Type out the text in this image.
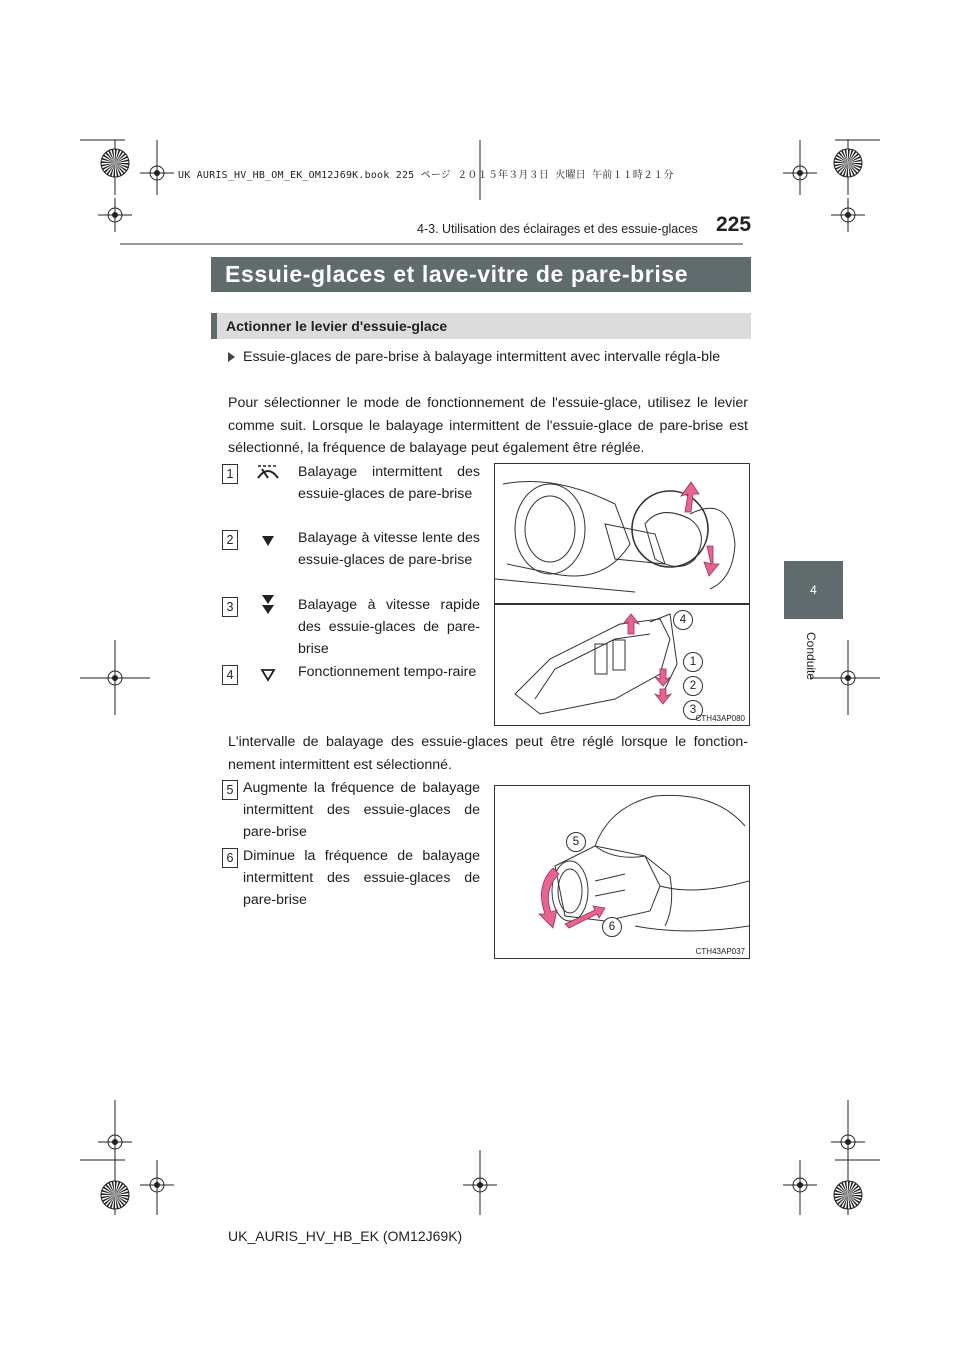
UK AURIS_HV_HB_OM_EK_OM12J69K.book 225 ページ ２０１５年３月３日 火曜日 午前１１時２１分
4-3. Utilisation des éclairages et des essuie-glaces 225
4
Conduite
Essuie-glaces et lave-vitre de pare-brise
Actionner le levier d'essuie-glace
Essuie-glaces de pare-brise à balayage intermittent avec intervalle régla-ble
Pour sélectionner le mode de fonctionnement de l'essuie-glace, utilisez le levier comme suit. Lorsque le balayage intermittent de l'essuie-glace de pare-brise est sélectionné, la fréquence de balayage peut également être réglée.
1	Balayage intermittent des essuie-glaces de pare-brise
2	Balayage à vitesse lente des essuie-glaces de pare-brise
3	Balayage à vitesse rapide des essuie-glaces de pare-brise
4	Fonctionnement tempo-raire
4
1
2
3
CTH43AP080
L'intervalle de balayage des essuie-glaces peut être réglé lorsque le fonction-nement intermittent est sélectionné.
5 Augmente la fréquence de balayage intermittent des essuie-glaces de pare-brise
6 Diminue la fréquence de balayage intermittent des essuie-glaces de pare-brise
5
6
CTH43AP037
UK_AURIS_HV_HB_EK (OM12J69K)
